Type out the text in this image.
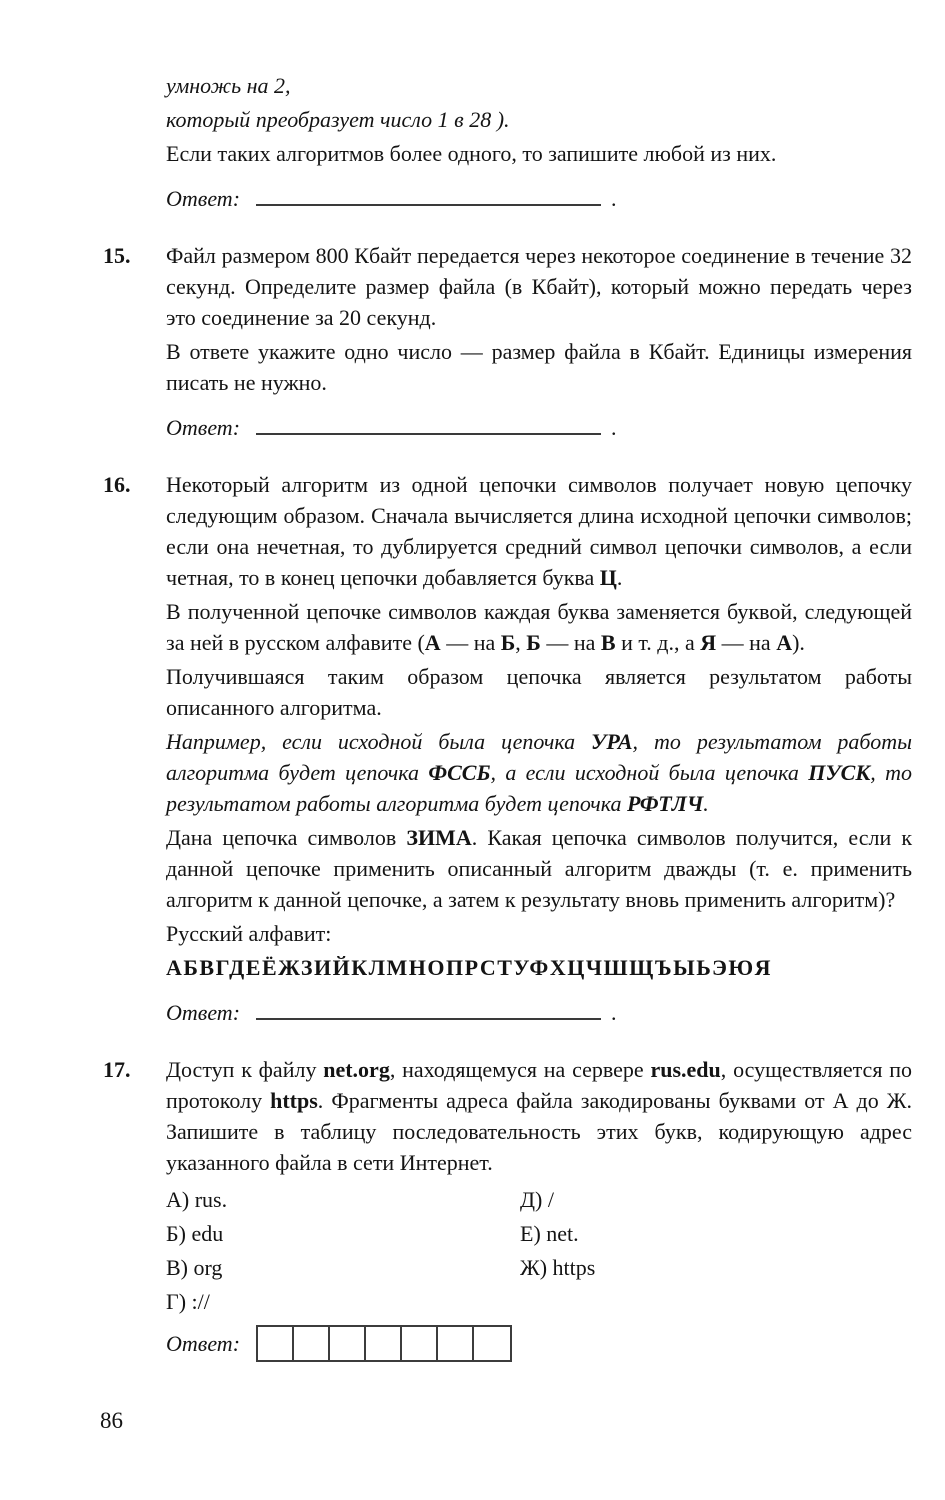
умножь на 2,

который преобразует число 1 в 28 ).

Если таких алгоритмов более одного, то запишите любой из них.

Ответ:	.
15.	Файл размером 800 Кбайт передается через некоторое соединение в течение 32 секунд. Определите размер файла (в Кбайт), который можно передать через это соединение за 20 секунд.

В ответе укажите одно число — размер файла в Кбайт. Единицы измерения писать не нужно.

Ответ:	.
16.	Некоторый алгоритм из одной цепочки символов получает новую цепочку следующим образом. Сначала вычисляется длина исходной цепочки символов; если она нечетная, то дублируется средний символ цепочки символов, а если четная, то в конец цепочки добавляется буква Ц.

В полученной цепочке символов каждая буква заменяется буквой, следующей за ней в русском алфавите (А — на Б, Б — на В и т. д., а Я — на А).

Получившаяся таким образом цепочка является результатом работы описанного алгоритма.

Например, если исходной была цепочка УРА, то результатом работы алгоритма будет цепочка ФССБ, а если исходной была цепочка ПУСК, то результатом работы алгоритма будет цепочка РФТЛЧ.

Дана цепочка символов ЗИМА. Какая цепочка символов получится, если к данной цепочке применить описанный алгоритм дважды (т. е. применить алгоритм к данной цепочке, а затем к результату вновь применить алгоритм)?

Русский алфавит:

АБВГДЕЁЖЗИЙКЛМНОПРСТУФХЦЧШЩЪЫЬЭЮЯ

Ответ:	.
17.	Доступ к файлу net.org, находящемуся на сервере rus.edu, осуществляется по протоколу https. Фрагменты адреса файла закодированы буквами от А до Ж. Запишите в таблицу последовательность этих букв, кодирующую адрес указанного файла в сети Интернет.

А) rus.

Б) edu

В) org

Г) ://

Д) /

Е) net.

Ж) https

Ответ:
86
